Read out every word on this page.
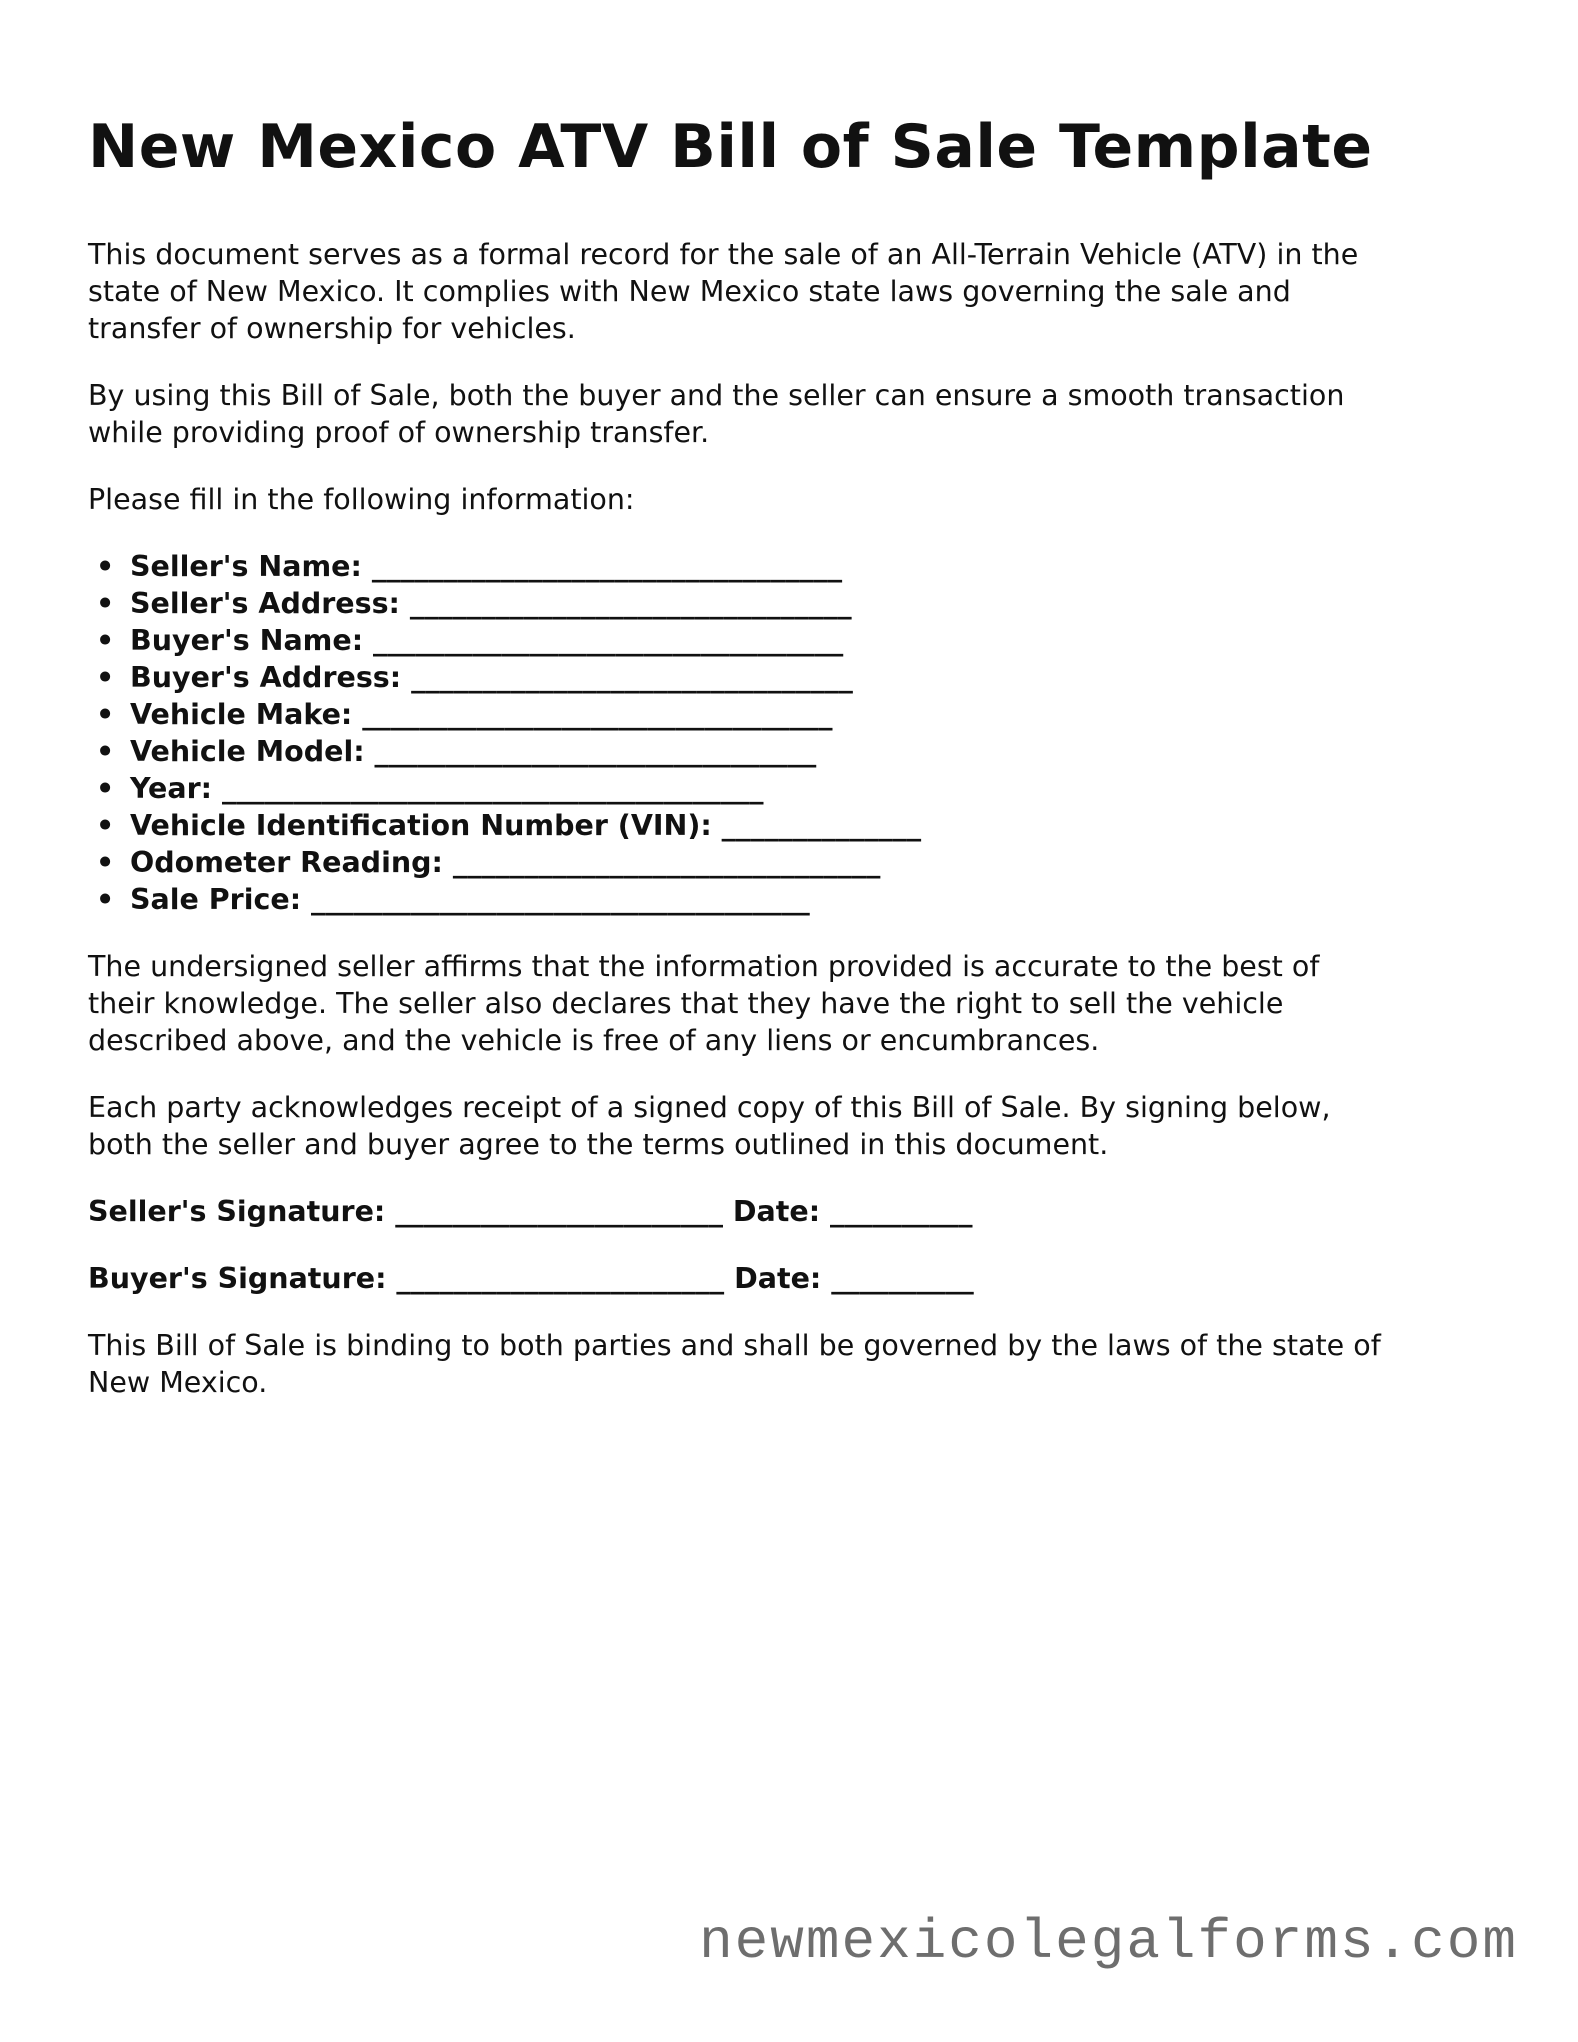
New Mexico ATV Bill of Sale Template

This document serves as a formal record for the sale of an All-Terrain Vehicle (ATV) in the
state of New Mexico. It complies with New Mexico state laws governing the sale and
transfer of ownership for vehicles.

By using this Bill of Sale, both the buyer and the seller can ensure a smooth transaction
while providing proof of ownership transfer.

Please fill in the following information:

• Seller's Name: _________________________________
• Seller's Address: _______________________________
• Buyer's Name: _________________________________
• Buyer's Address: _______________________________
• Vehicle Make: _________________________________
• Vehicle Model: _______________________________
• Year: ______________________________________
• Vehicle Identification Number (VIN): ______________
• Odometer Reading: ______________________________
• Sale Price: ___________________________________

The undersigned seller affirms that the information provided is accurate to the best of
their knowledge. The seller also declares that they have the right to sell the vehicle
described above, and the vehicle is free of any liens or encumbrances.

Each party acknowledges receipt of a signed copy of this Bill of Sale. By signing below,
both the seller and buyer agree to the terms outlined in this document.

Seller's Signature: _______________________ Date: __________
Buyer's Signature: _______________________ Date: __________

This Bill of Sale is binding to both parties and shall be governed by the laws of the state of
New Mexico.

newmexicolegalforms.com
